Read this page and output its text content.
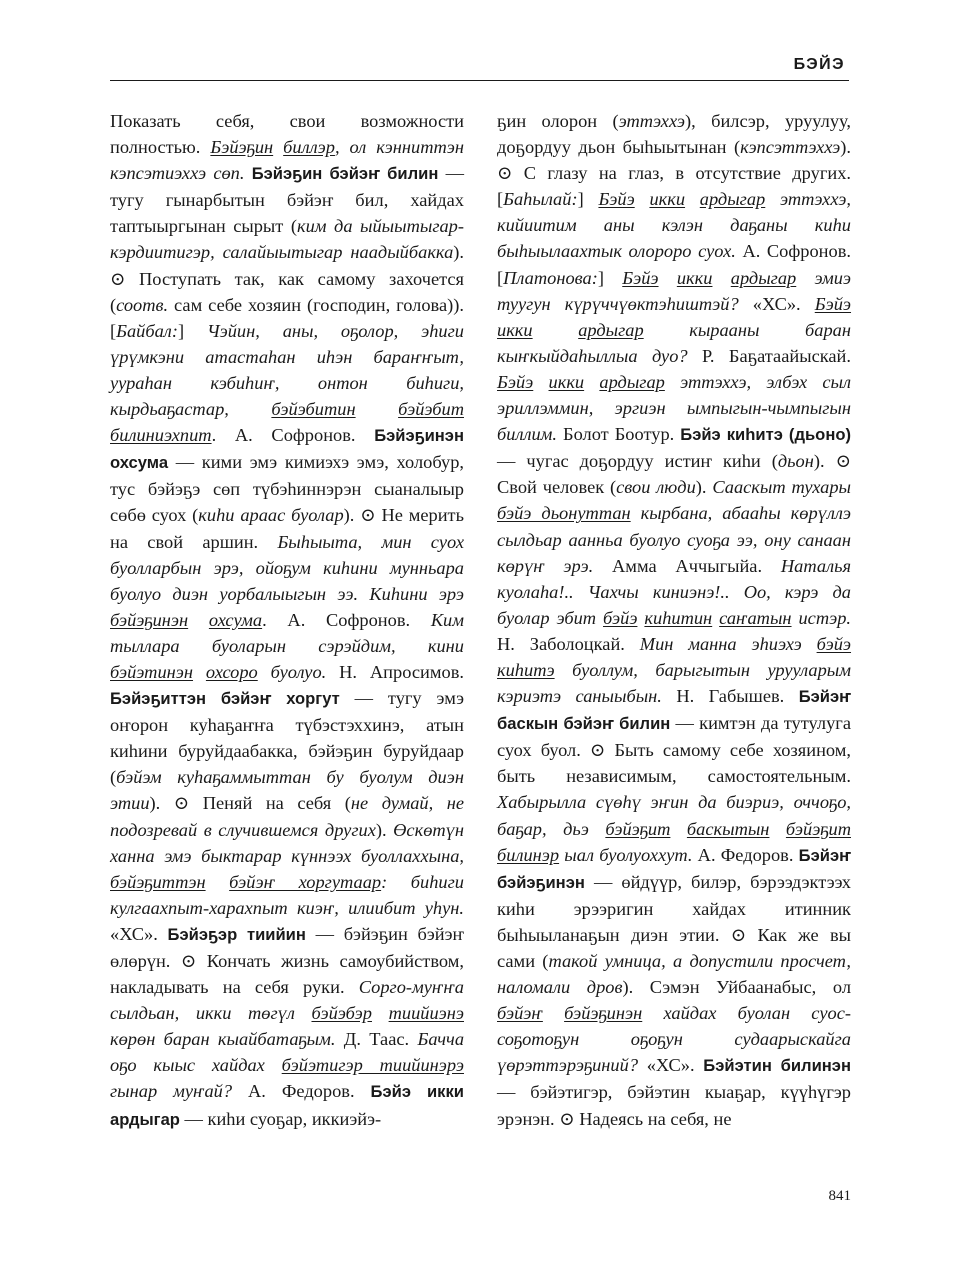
БЭЙЭ

Показать себя, свои возможности полностью. Бэйэҕин биллэр, ол кэнниттэн кэпсэтиэххэ сөп. Бэйэҕин бэйэҥ билин — тугу гынарбытын бэйэҥ бил, хайдах таптыыргынан сырыт (ким да ыйыытыгар-кэрдиитигэр, салайыытыгар наадыйбакка). ⊙ Поступать так, как самому захочется (соотв. сам себе хозяин (господин, голова)). [Байбал:] Чэйин, аны, оҕолор, эһиги үрүмкэни атастаһан иһэн бараҥҥыт, уураһан кэбиһиҥ, онтон биһиги, кырдьаҕастар, бэйэбитин бэйэбит билиниэхпит. А. Софронов. Бэйэҕинэн охсума — кими эмэ кимиэхэ эмэ, холобур, тус бэйэҕэ сөп түбэһиннэрэн сыаналыыр сөбө суох (киһи араас буолар). ⊙ Не мерить на свой аршин. Быһыыта, мин суох буолларбын эрэ, ойоҕум киһини мунньара буолуо диэн уорбалыыгын ээ. Киһини эрэ бэйэҕинэн охсума. А. Софронов. Ким тыллара буоларын сэрэйдим, кини бэйэтинэн охсоро буолуо. Н. Апросимов. Бэйэҕиттэн бэйэҥ хоргут — тугу эмэ оҥорон куһаҕаҥҥа түбэстэххинэ, атын киһини буруйдаабакка, бэйэҕин буруйдаар (бэйэм куһаҕаммыттан бу буолум диэн этии). ⊙ Пеняй на себя (не думай, не подозревай в случившемся других). Өскөтүн ханна эмэ быктарар күннээх буоллаххына, бэйэҕиттэн бэйэҥ хоргутаар: биһиги кулгаахпыт-харахпыт киэҥ, илиибит уһун. «ХС». Бэйэҕэр тиийин — бэйэҕин бэйэҥ өлөрүн. ⊙ Кончать жизнь самоубийством, накладывать на себя руки. Сорго-муҥҥа сылдьан, икки төгүл бэйэбэр тиийиэнэ көрөн баран кыайбатаҕым. Д. Таас. Бачча оҕо кыыс хайдах бэйэтигэр тиийинэрэ гынар муҥай? А. Федоров. Бэйэ икки ардыгар — киһи суоҕар, иккиэйэ-

ҕин олорон (эттэххэ), билсэр, уруулуу, доҕордуу дьон быһыытынан (кэпсэттэххэ). ⊙ С глазу на глаз, в отсутствие других. [Баһылай:] Бэйэ икки ардыгар эттэххэ, кийиитим аны кэлэн даҕаны киһи быһыылаахтык олороро суох. А. Софронов. [Платонова:] Бэйэ икки ардыгар эмиэ туугун күрүччүөктэһиштэй? «ХС». Бэйэ икки ардыгар кырааны баран кыҥкыйдаһыллыа дуо? Р. Баҕатаайыскай. Бэйэ икки ардыгар эттэххэ, элбэх сыл эриллэммин, эргиэн ымпыгын-чымпыгын биллим. Болот Боотур. Бэйэ киһитэ (дьоно) — чугас доҕордуу истиҥ киһи (дьон). ⊙ Свой человек (свои люди). Сааскыт тухары бэйэ дьонуттан кырбана, абааһы көрүллэ сылдьар аанньа буолуо суоҕа ээ, ону санаан көрүҥ эрэ. Амма Аччыгыйа. Наталья куолаһа!.. Чахчы киниэнэ!.. Оо, кэрэ да буолар эбит бэйэ киһитин саҥатын истэр. Н. Заболоцкай. Мин манна эһиэхэ бэйэ киһитэ буоллум, барыгытын урууларым кэриэтэ саныыбын. Н. Габышев. Бэйэҥ баскын бэйэҥ билин — кимтэн да тутулуга суох буол. ⊙ Быть самому себе хозяином, быть независимым, самостоятельным. Хабырылла сүөһү эҥин да биэриэ, оччоҕо, баҕар, дьэ бэйэҕит баскытын бэйэҕит билинэр ыал буолуоххут. А. Федоров. Бэйэҥ бэйэҕинэн — өйдүүр, билэр, бэрээдэктээх киһи эрээригин хайдах итинник быһыыланаҕын диэн этии. ⊙ Как же вы сами (такой умница, а допустили просчет, наломали дров). Сэмэн Уйбаанабыс, ол бэйэҥ бэйэҕинэн хайдах буолан суос-соҕотоҕун оҕоҕун судаарыскайга үөрэттэрэҕиний? «ХС». Бэйэтин билинэн — бэйэтигэр, бэйэтин кыаҕар, күүһүгэр эрэнэн. ⊙ Надеясь на себя, не

841
